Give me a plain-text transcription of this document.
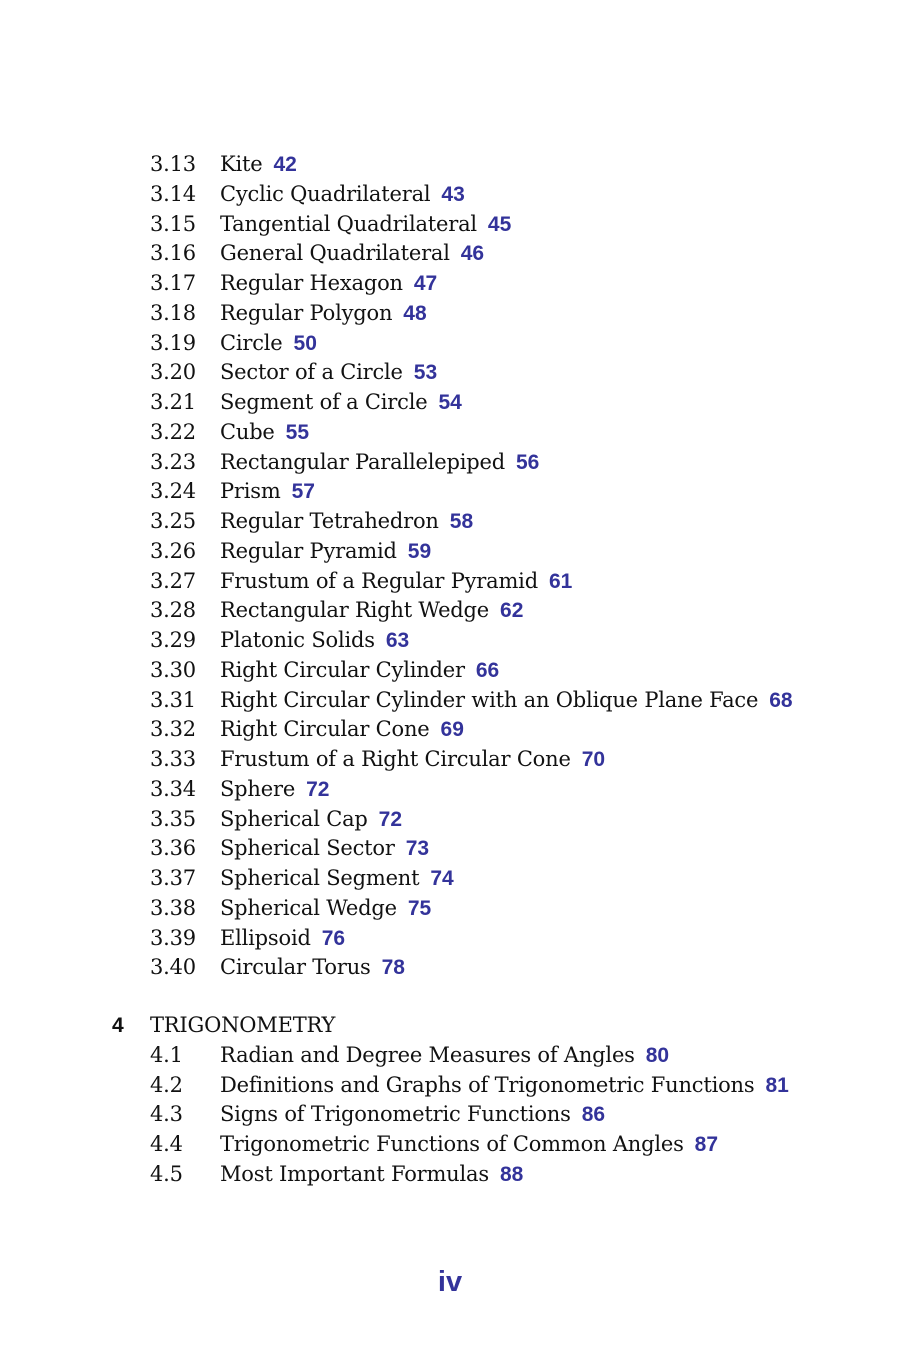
3.13 Kite 42
3.14 Cyclic Quadrilateral 43
3.15 Tangential Quadrilateral 45
3.16 General Quadrilateral 46
3.17 Regular Hexagon 47
3.18 Regular Polygon 48
3.19 Circle 50
3.20 Sector of a Circle 53
3.21 Segment of a Circle 54
3.22 Cube 55
3.23 Rectangular Parallelepiped 56
3.24 Prism 57
3.25 Regular Tetrahedron 58
3.26 Regular Pyramid 59
3.27 Frustum of a Regular Pyramid 61
3.28 Rectangular Right Wedge 62
3.29 Platonic Solids 63
3.30 Right Circular Cylinder 66
3.31 Right Circular Cylinder with an Oblique Plane Face 68
3.32 Right Circular Cone 69
3.33 Frustum of a Right Circular Cone 70
3.34 Sphere 72
3.35 Spherical Cap 72
3.36 Spherical Sector 73
3.37 Spherical Segment 74
3.38 Spherical Wedge 75
3.39 Ellipsoid 76
3.40 Circular Torus 78
4 TRIGONOMETRY
4.1 Radian and Degree Measures of Angles 80
4.2 Definitions and Graphs of Trigonometric Functions 81
4.3 Signs of Trigonometric Functions 86
4.4 Trigonometric Functions of Common Angles 87
4.5 Most Important Formulas 88
iv
